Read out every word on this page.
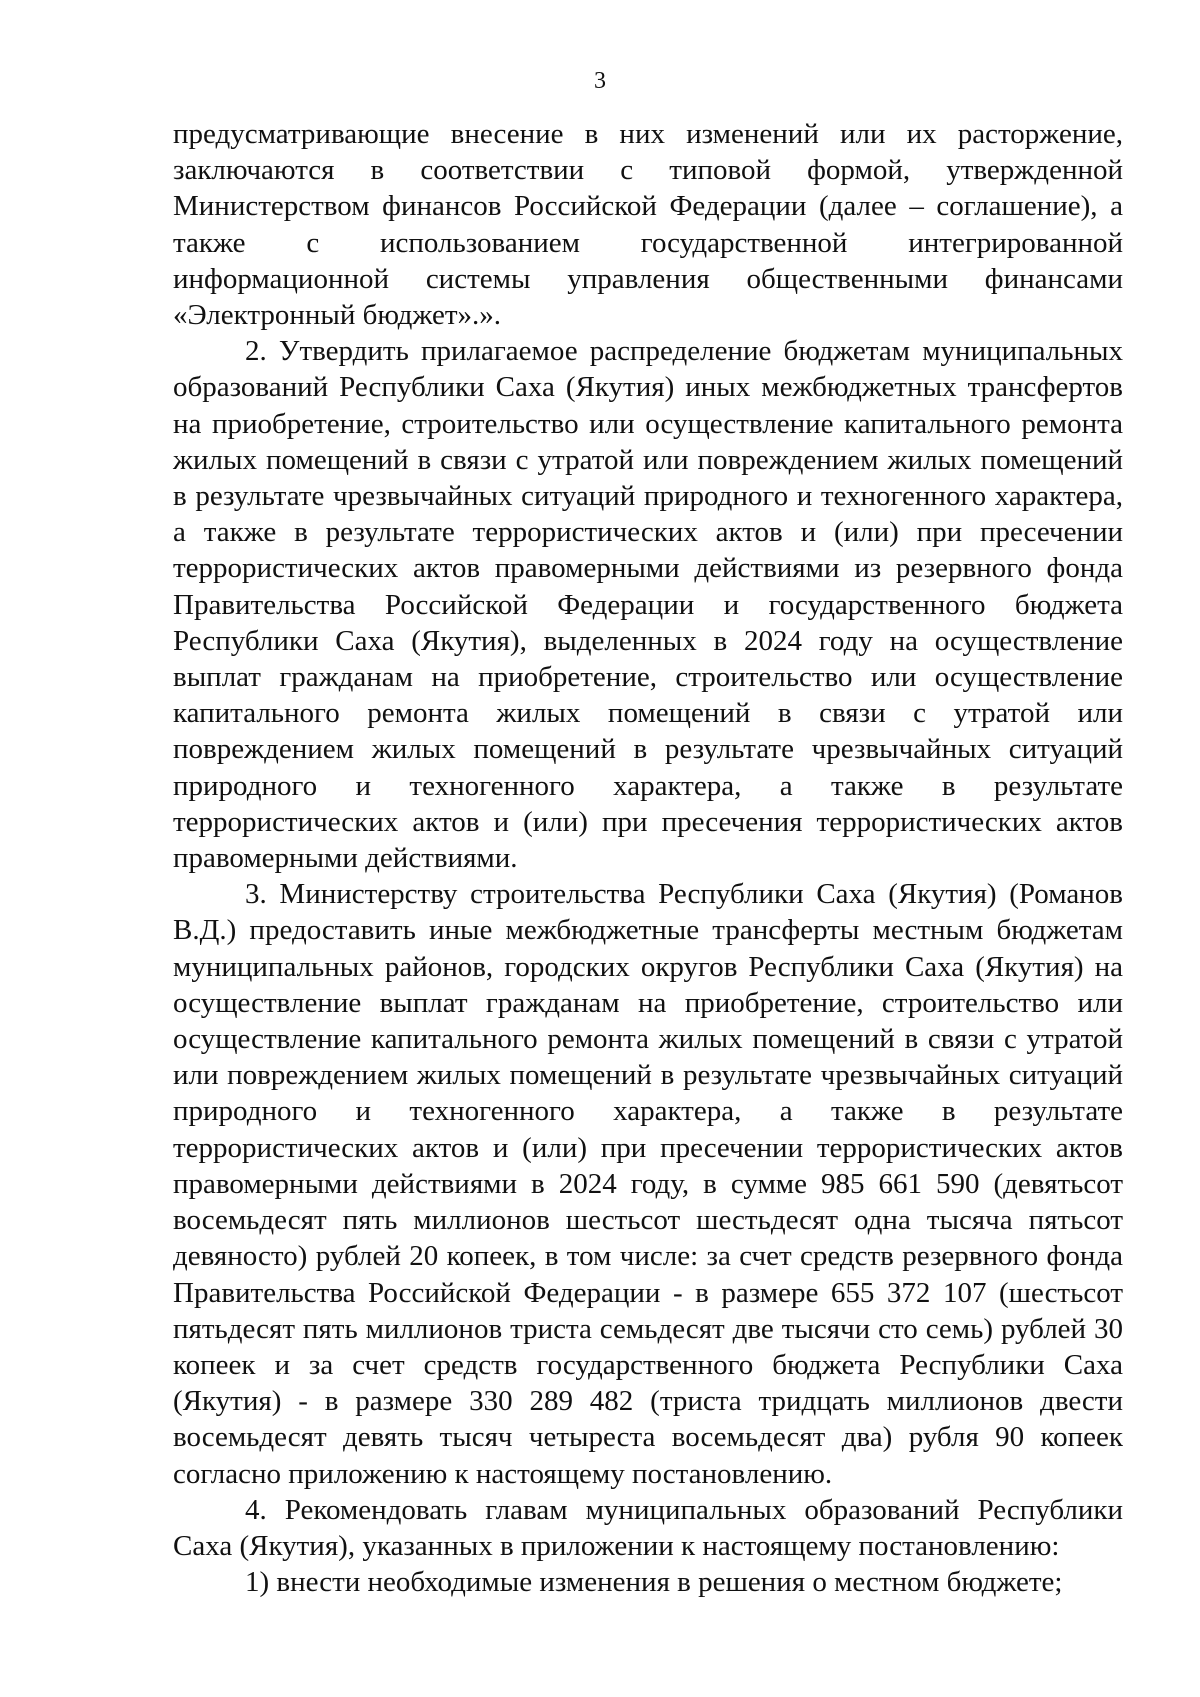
3

предусматривающие внесение в них изменений или их расторжение, заключаются в соответствии с типовой формой, утвержденной Министерством финансов Российской Федерации (далее – соглашение), а также с использованием государственной интегрированной информационной системы управления общественными финансами «Электронный бюджет».».

2. Утвердить прилагаемое распределение бюджетам муниципальных образований Республики Саха (Якутия) иных межбюджетных трансфертов на приобретение, строительство или осуществление капитального ремонта жилых помещений в связи с утратой или повреждением жилых помещений в результате чрезвычайных ситуаций природного и техногенного характера, а также в результате террористических актов и (или) при пресечении террористических актов правомерными действиями из резервного фонда Правительства Российской Федерации и государственного бюджета Республики Саха (Якутия), выделенных в 2024 году на осуществление выплат гражданам на приобретение, строительство или осуществление капитального ремонта жилых помещений в связи с утратой или повреждением жилых помещений в результате чрезвычайных ситуаций природного и техногенного характера, а также в результате террористических актов и (или) при пресечения террористических актов правомерными действиями.

3. Министерству строительства Республики Саха (Якутия) (Романов В.Д.) предоставить иные межбюджетные трансферты местным бюджетам муниципальных районов, городских округов Республики Саха (Якутия) на осуществление выплат гражданам на приобретение, строительство или осуществление капитального ремонта жилых помещений в связи с утратой или повреждением жилых помещений в результате чрезвычайных ситуаций природного и техногенного характера, а также в результате террористических актов и (или) при пресечении террористических актов правомерными действиями в 2024 году, в сумме 985 661 590 (девятьсот восемьдесят пять миллионов шестьсот шестьдесят одна тысяча пятьсот девяносто) рублей 20 копеек, в том числе: за счет средств резервного фонда Правительства Российской Федерации - в размере 655 372 107 (шестьсот пятьдесят пять миллионов триста семьдесят две тысячи сто семь) рублей 30 копеек и за счет средств государственного бюджета Республики Саха (Якутия) - в размере 330 289 482 (триста тридцать миллионов двести восемьдесят девять тысяч четыреста восемьдесят два) рубля 90 копеек согласно приложению к настоящему постановлению.

4. Рекомендовать главам муниципальных образований Республики Саха (Якутия), указанных в приложении к настоящему постановлению:

1) внести необходимые изменения в решения о местном бюджете;
